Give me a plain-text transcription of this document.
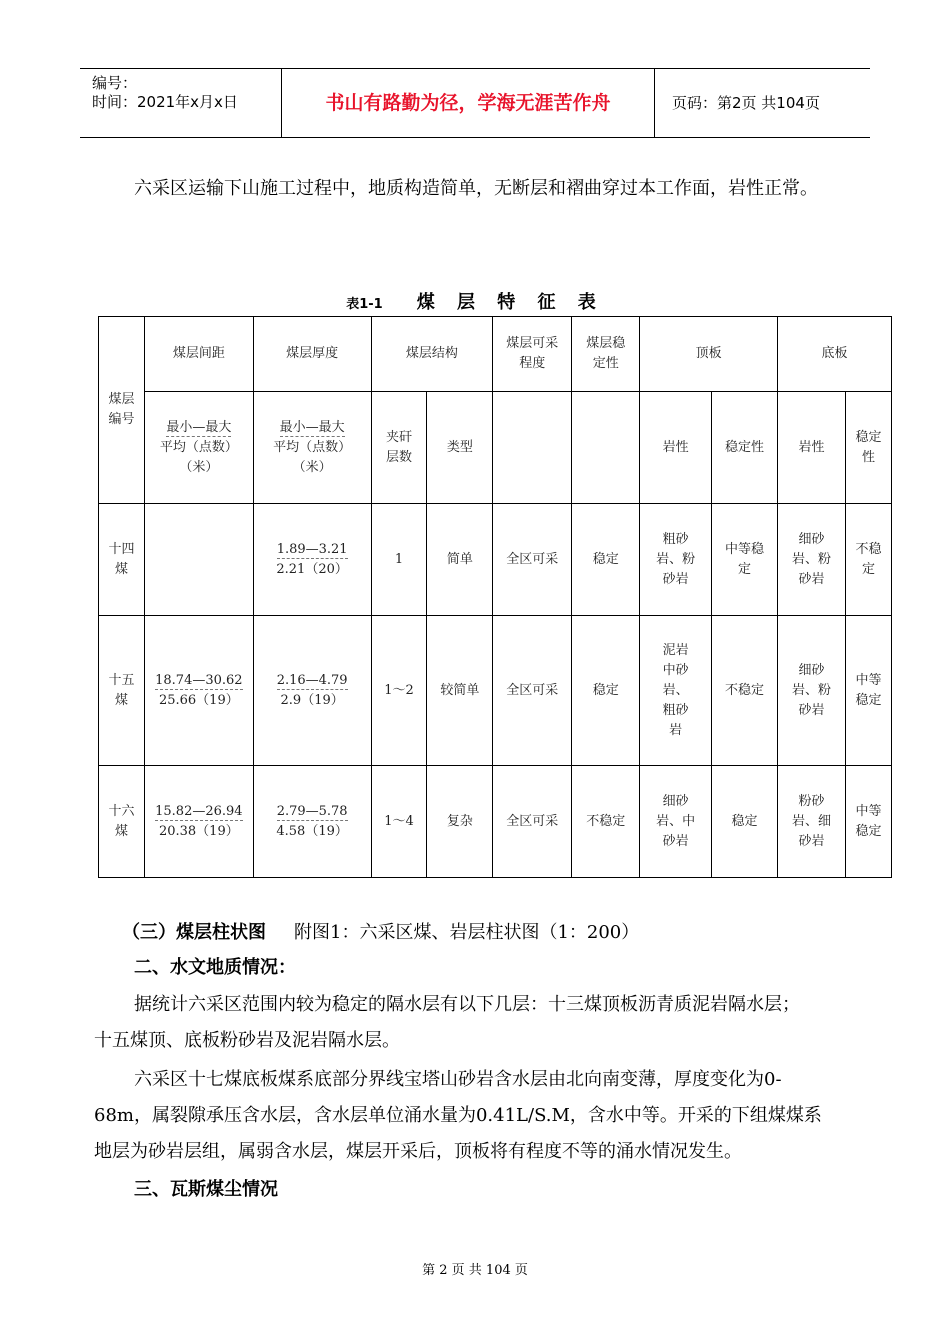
编号：
时间：2021年x月x日	书山有路勤为径，学海无涯苦作舟	页码：第2页 共104页
六采区运输下山施工过程中，地质构造简单，无断层和褶曲穿过本工作面，岩性正常。
表1-1 煤 层 特 征 表
煤层编号	煤层间距	煤层厚度	煤层结构		煤层可采程度	煤层稳定性	顶板		底板	
	最小—最大
平均（点数）
（米）	最小—最大
平均（点数）
（米）	夹矸层数	类型			岩性	稳定性	岩性	稳定性

十四煤		1.89—3.21
2.21（20）	1	简单	全区可采	稳定	粗砂岩、粉砂岩	中等稳定	细砂岩、粉砂岩	不稳定

十五煤	18.74—30.62
25.66（19）	2.16—4.79
2.9（19）	1～2	较简单	全区可采	稳定	泥岩中砂岩、粗砂岩	不稳定	细砂岩、粉砂岩	中等稳定

十六煤	15.82—26.94
20.38（19）	2.79—5.78
4.58（19）	1～4	复杂	全区可采	不稳定	细砂岩、中砂岩	稳定	粉砂岩、细砂岩	中等稳定
（三）煤层柱状图 附图1：六采区煤、岩层柱状图（1：200）
二、水文地质情况：
据统计六采区范围内较为稳定的隔水层有以下几层：十三煤顶板沥青质泥岩隔水层；
十五煤顶、底板粉砂岩及泥岩隔水层。
六采区十七煤底板煤系底部分界线宝塔山砂岩含水层由北向南变薄，厚度变化为0-
68m，属裂隙承压含水层，含水层单位涌水量为0.41L/S.M，含水中等。开采的下组煤煤系
地层为砂岩层组，属弱含水层，煤层开采后，顶板将有程度不等的涌水情况发生。
三、瓦斯煤尘情况
第 2 页 共 104 页
